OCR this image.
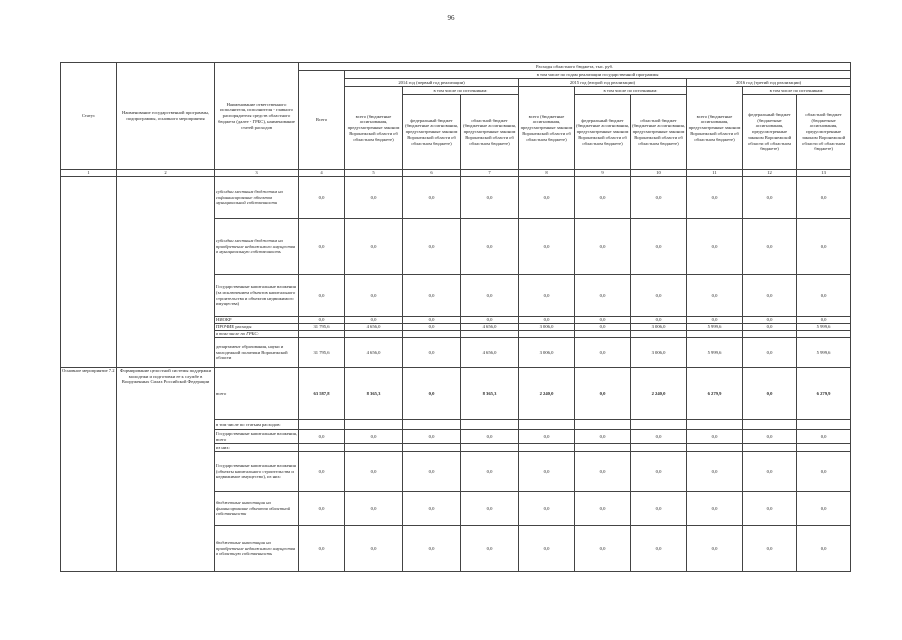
96
Статус	Наименование государственной программы, подпрограммы, основного мероприятия	Наименование ответственного исполнителя, исполнителя - главного распорядителя средств областного бюджета (далее - ГРБС), наименование статей расходов	Расходы областного бюджета, тыс. руб.									
			Всего	в том числе по годам реализации государственной программы								
				2014 год (первый год реализации)			2015 год (второй год реализации)			2016 год (третий год реализации)		
				всего (бюджетные ассигнования, предусмотренные законом Воронежской области об областном бюджете)	в том числе по источникам:		всего (бюджетные ассигнования, предусмотренные законом Воронежской области об областном бюджете)	в том числе по источникам:		всего (бюджетные ассигнования, предусмотренные законом Воронежской области об областном бюджете)	в том числе по источникам:	
					федеральный бюджет (бюджетные ассигнования, предусмотренные законом Воронежской области об областном бюджете)	областной бюджет (бюджетные ассигнования, предусмотренные законом Воронежской области об областном бюджете)		федеральный бюджет (бюджетные ассигнования, предусмотренные законом Воронежской области об областном бюджете)	областной бюджет (бюджетные ассигнования, предусмотренные законом Воронежской области об областном бюджете)		федеральный бюджет (бюджетные ассигнования, предусмотренные законом Воронежской области об областном бюджете)	областной бюджет (бюджетные ассигнования, предусмотренные законом Воронежской области об областном бюджете)
1	2	3	4	5	6	7	8	9	10	11	12	13
		субсидии местным бюджетам на софинансирование объектов муниципальной собственности	0,0	0,0	0,0	0,0	0,0	0,0	0,0	0,0	0,0	0,0
		субсидии местным бюджетам на приобретение недвижимого имущества в муниципальную собственность	0,0	0,0	0,0	0,0	0,0	0,0	0,0	0,0	0,0	0,0
		Государственные капитальные вложения (за исключением объектов капитального строительства и объектов недвижимого имущества)	0,0	0,0	0,0	0,0	0,0	0,0	0,0	0,0	0,0	0,0
		НИОКР	0,0	0,0	0,0	0,0	0,0	0,0	0,0	0,0	0,0	0,0
		ПРОЧИЕ расходы	31 795,6	4 656,0	0,0	4 656,0	3 006,0	0,0	3 006,0	5 999,6	0,0	5 999,6
		в том числе по ГРБС:										
		департамент образования, науки и молодежной политики Воронежской области	31 795,6	4 656,0	0,0	4 656,0	3 006,0	0,0	3 006,0	5 999,6	0,0	5 999,6
Основное мероприятие 7.2	Формирование целостной системы поддержки молодежи и подготовки ее к службе в Вооруженных Силах Российской Федерации	всего	63 587,8	8 365,3	0,0	8 365,3	2 240,0	0,0	2 240,0	6 279,9	0,0	6 279,9
		в том числе по статьям расходов:										
		Государственные капитальные вложения, всего	0,0	0,0	0,0	0,0	0,0	0,0	0,0	0,0	0,0	0,0
		из них:										
		Государственные капитальные вложения (объекты капитального строительства и недвижимое имущество), из них:	0,0	0,0	0,0	0,0	0,0	0,0	0,0	0,0	0,0	0,0
		бюджетные инвестиции на финансирование объектов областной собственности	0,0	0,0	0,0	0,0	0,0	0,0	0,0	0,0	0,0	0,0
		бюджетные инвестиции на приобретение недвижимого имущества в областную собственность	0,0	0,0	0,0	0,0	0,0	0,0	0,0	0,0	0,0	0,0
